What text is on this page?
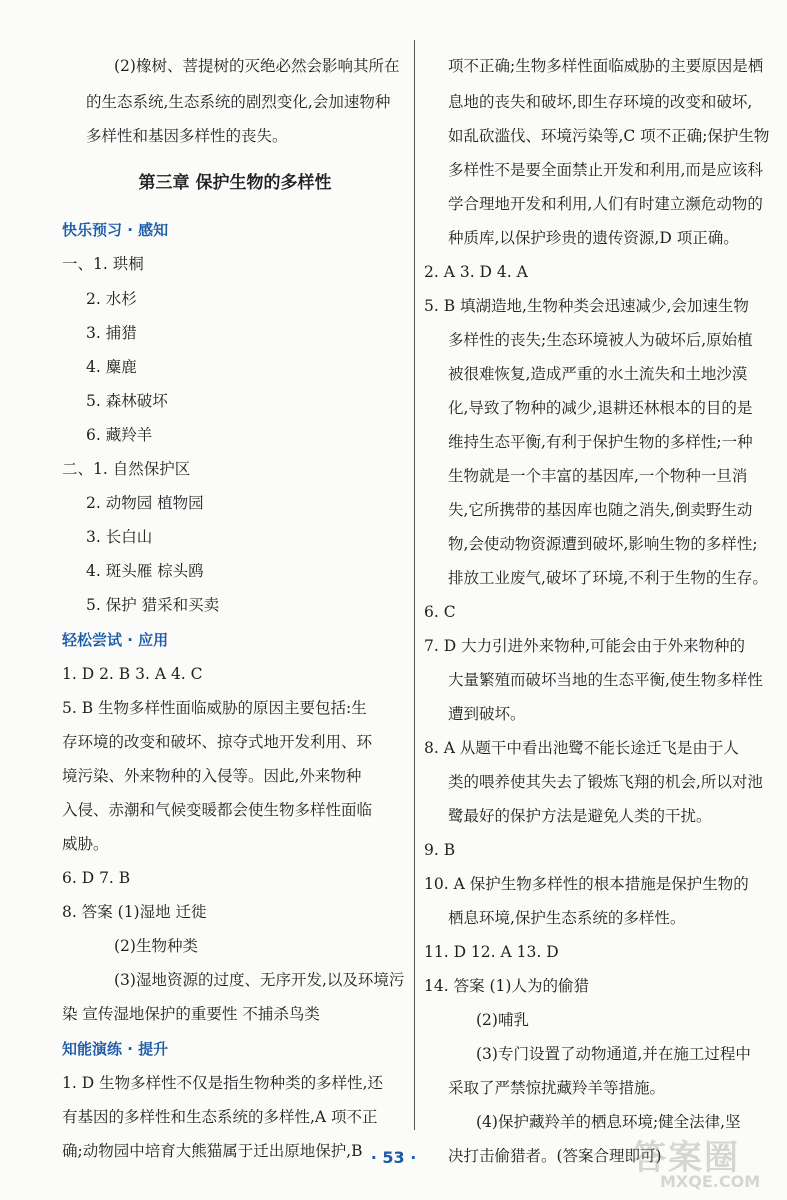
(2)橡树、菩提树的灭绝必然会影响其所在
的生态系统,生态系统的剧烈变化,会加速物种
多样性和基因多样性的丧失。
第三章 保护生物的多样性
快乐预习 · 感知
一、1. 珙桐
2. 水杉
3. 捕猎
4. 麋鹿
5. 森林破坏
6. 藏羚羊
二、1. 自然保护区
2. 动物园 植物园
3. 长白山
4. 斑头雁 棕头鸥
5. 保护 猎采和买卖
轻松尝试 · 应用
1. D 2. B 3. A 4. C
5. B 生物多样性面临威胁的原因主要包括:生
存环境的改变和破坏、掠夺式地开发利用、环
境污染、外来物种的入侵等。因此,外来物种
入侵、赤潮和气候变暖都会使生物多样性面临
威胁。
6. D 7. B
8. 答案 (1)湿地 迁徙
(2)生物种类
(3)湿地资源的过度、无序开发,以及环境污
染 宣传湿地保护的重要性 不捕杀鸟类
知能演练 · 提升
1. D 生物多样性不仅是指生物种类的多样性,还
有基因的多样性和生态系统的多样性,A 项不正
确;动物园中培育大熊猫属于迁出原地保护,B
项不正确;生物多样性面临威胁的主要原因是栖
息地的丧失和破坏,即生存环境的改变和破坏,
如乱砍滥伐、环境污染等,C 项不正确;保护生物
多样性不是要全面禁止开发和利用,而是应该科
学合理地开发和利用,人们有时建立濒危动物的
种质库,以保护珍贵的遗传资源,D 项正确。
2. A 3. D 4. A
5. B 填湖造地,生物种类会迅速减少,会加速生物
多样性的丧失;生态环境被人为破坏后,原始植
被很难恢复,造成严重的水土流失和土地沙漠
化,导致了物种的减少,退耕还林根本的目的是
维持生态平衡,有利于保护生物的多样性;一种
生物就是一个丰富的基因库,一个物种一旦消
失,它所携带的基因库也随之消失,倒卖野生动
物,会使动物资源遭到破坏,影响生物的多样性;
排放工业废气,破坏了环境,不利于生物的生存。
6. C
7. D 大力引进外来物种,可能会由于外来物种的
大量繁殖而破坏当地的生态平衡,使生物多样性
遭到破坏。
8. A 从题干中看出池鹭不能长途迁飞是由于人
类的喂养使其失去了锻炼飞翔的机会,所以对池
鹭最好的保护方法是避免人类的干扰。
9. B
10. A 保护生物多样性的根本措施是保护生物的
栖息环境,保护生态系统的多样性。
11. D 12. A 13. D
14. 答案 (1)人为的偷猎
(2)哺乳
(3)专门设置了动物通道,并在施工过程中
采取了严禁惊扰藏羚羊等措施。
(4)保护藏羚羊的栖息环境;健全法律,坚
决打击偷猎者。(答案合理即可)
· 53 ·	答案圈
MXQE.COM
